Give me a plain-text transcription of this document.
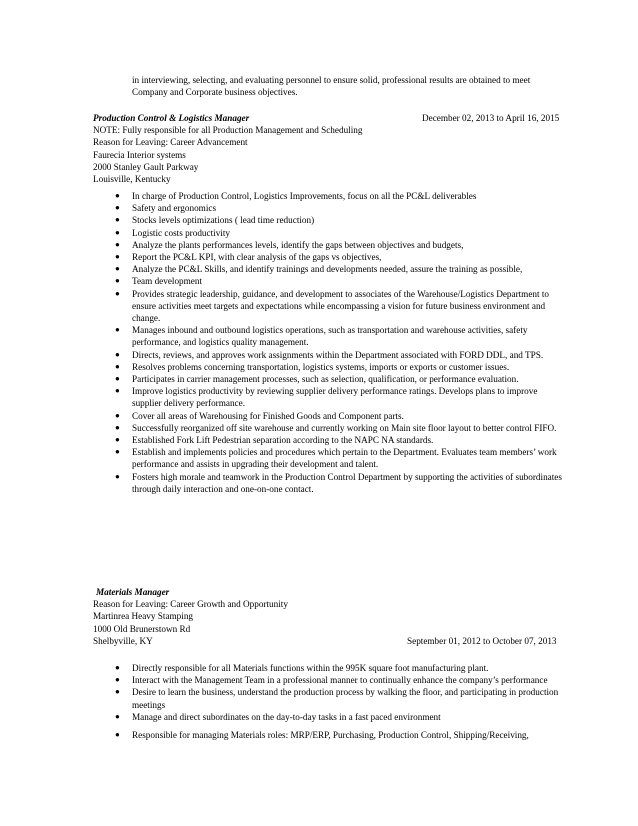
in interviewing, selecting, and evaluating personnel to ensure solid, professional results are obtained to meet
Company and Corporate business objectives.
Production Control & Logistics Manager	December 02, 2013 to April 16, 2015
NOTE: Fully responsible for all Production Management and Scheduling
Reason for Leaving: Career Advancement
Faurecia Interior systems
2000 Stanley Gault Parkway
Louisville, Kentucky
● In charge of Production Control, Logistics Improvements, focus on all the PC&L deliverables
● Safety and ergonomics
● Stocks levels optimizations ( lead time reduction)
● Logistic costs productivity
● Analyze the plants performances levels, identify the gaps between objectives and budgets,
● Report the PC&L KPI, with clear analysis of the gaps vs objectives,
● Analyze the PC&L Skills, and identify trainings and developments needed, assure the training as possible,
● Team development
● Provides strategic leadership, guidance, and development to associates of the Warehouse/Logistics Department to ensure activities meet targets and expectations while encompassing a vision for future business environment and change.
● Manages inbound and outbound logistics operations, such as transportation and warehouse activities, safety performance, and logistics quality management.
● Directs, reviews, and approves work assignments within the Department associated with FORD DDL, and TPS.
● Resolves problems concerning transportation, logistics systems, imports or exports or customer issues.
● Participates in carrier management processes, such as selection, qualification, or performance evaluation.
● Improve logistics productivity by reviewing supplier delivery performance ratings. Develops plans to improve supplier delivery performance.
● Cover all areas of Warehousing for Finished Goods and Component parts.
● Successfully reorganized off site warehouse and currently working on Main site floor layout to better control FIFO.
● Established Fork Lift Pedestrian separation according to the NAPC NA standards.
● Establish and implements policies and procedures which pertain to the Department. Evaluates team members’ work performance and assists in upgrading their development and talent.
● Fosters high morale and teamwork in the Production Control Department by supporting the activities of subordinates through daily interaction and one-on-one contact.
Materials Manager
Reason for Leaving: Career Growth and Opportunity
Martinrea Heavy Stamping
1000 Old Brunerstown Rd
Shelbyville, KY	September 01, 2012 to October 07, 2013
● Directly responsible for all Materials functions within the 995K square foot manufacturing plant.
● Interact with the Management Team in a professional manner to continually enhance the company’s performance
● Desire to learn the business, understand the production process by walking the floor, and participating in production meetings
● Manage and direct subordinates on the day-to-day tasks in a fast paced environment
● Responsible for managing Materials roles: MRP/ERP, Purchasing, Production Control, Shipping/Receiving,
